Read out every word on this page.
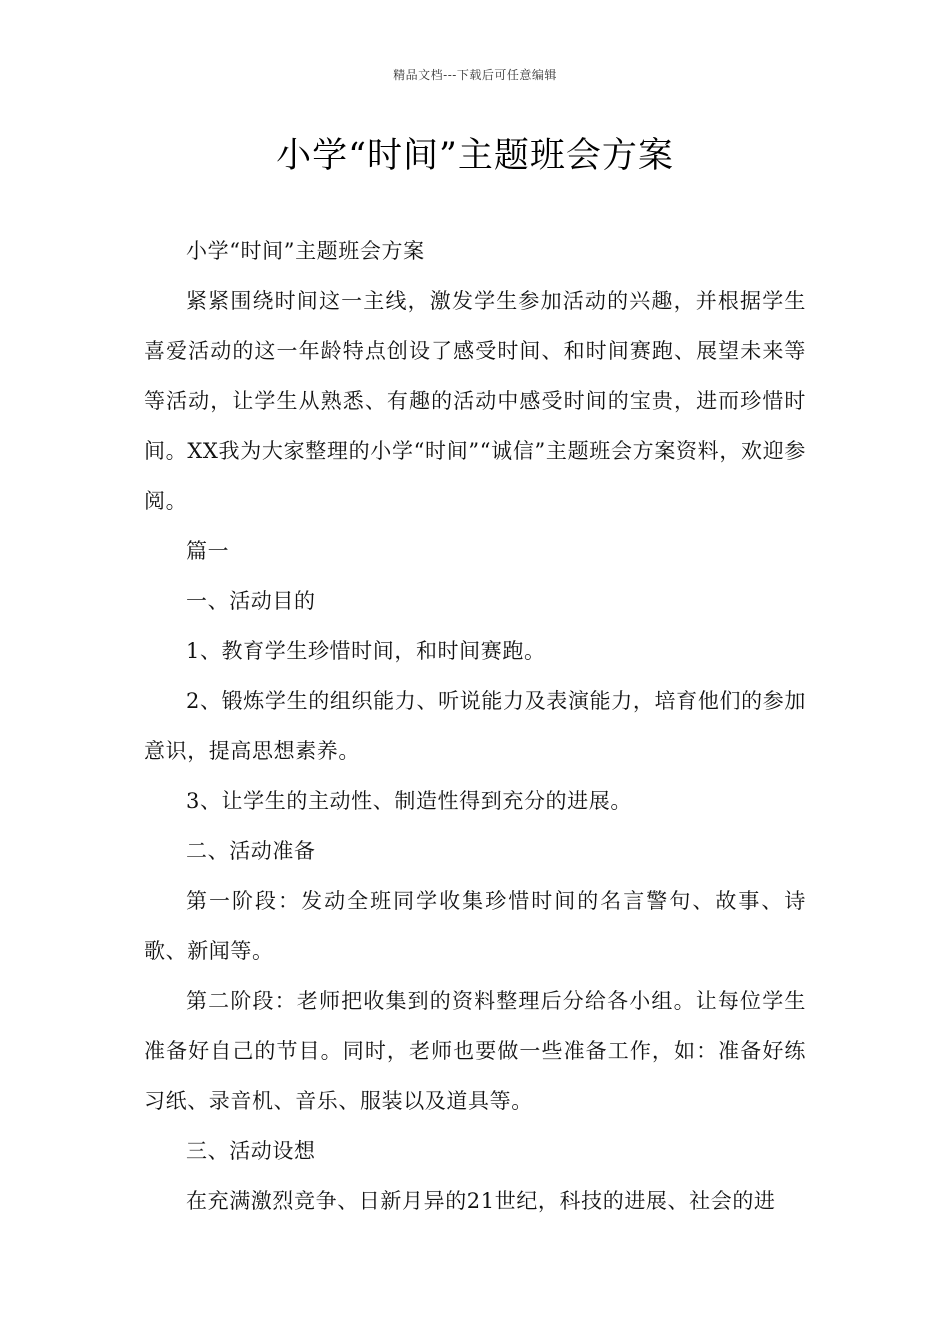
精品文档---下载后可任意编辑
小学“时间”主题班会方案

小学“时间”主题班会方案

紧紧围绕时间这一主线，激发学生参加活动的兴趣，并根据学生喜爱活动的这一年龄特点创设了感受时间、和时间赛跑、展望未来等等活动，让学生从熟悉、有趣的活动中感受时间的宝贵，进而珍惜时间。XX我为大家整理的小学“时间”“诚信”主题班会方案资料，欢迎参阅。

篇一

一、活动目的

1、教育学生珍惜时间，和时间赛跑。

2、锻炼学生的组织能力、听说能力及表演能力，培育他们的参加意识，提高思想素养。

3、让学生的主动性、制造性得到充分的进展。

二、活动准备

第一阶段：发动全班同学收集珍惜时间的名言警句、故事、诗歌、新闻等。

第二阶段：老师把收集到的资料整理后分给各小组。让每位学生准备好自己的节目。同时，老师也要做一些准备工作，如：准备好练习纸、录音机、音乐、服装以及道具等。

三、活动设想

在充满激烈竞争、日新月异的21世纪，科技的进展、社会的进
